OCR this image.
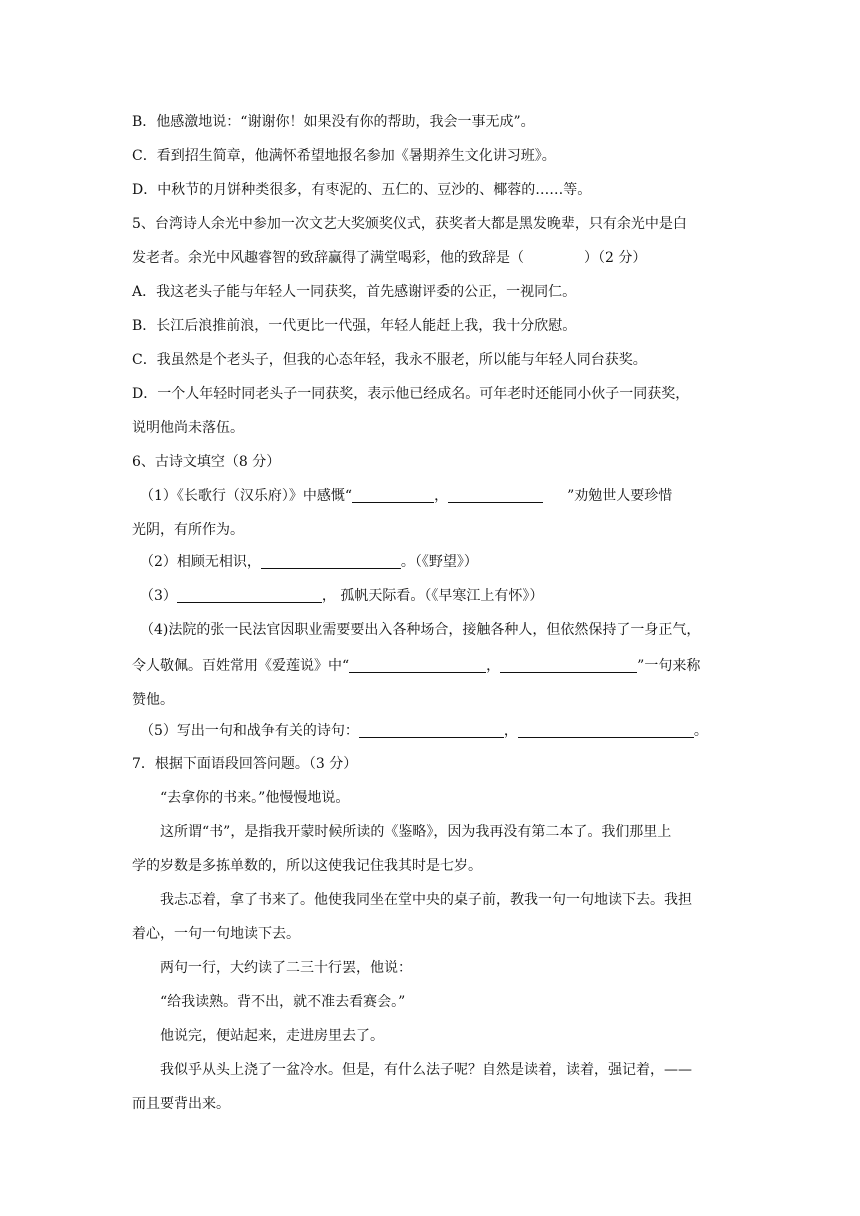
B．他感激地说：“谢谢你！如果没有你的帮助，我会一事无成”。
C．看到招生简章，他满怀希望地报名参加《暑期养生文化讲习班》。
D．中秋节的月饼种类很多，有枣泥的、五仁的、豆沙的、椰蓉的……等。
5、台湾诗人余光中参加一次文艺大奖颁奖仪式，获奖者大都是黑发晚辈，只有余光中是白
发老者。余光中风趣睿智的致辞赢得了满堂喝彩，他的致辞是（	）（2 分）
A．我这老头子能与年轻人一同获奖，首先感谢评委的公正，一视同仁。
B．长江后浪推前浪，一代更比一代强，年轻人能赶上我，我十分欣慰。
C．我虽然是个老头子，但我的心态年轻，我永不服老，所以能与年轻人同台获奖。
D．一个人年轻时同老头子一同获奖，表示他已经成名。可年老时还能同小伙子一同获奖，
说明他尚未落伍。
6、古诗文填空（8 分）
（1）《长歌行（汉乐府）》中感慨“	，	”劝勉世人要珍惜
光阴，有所作为。
（2）相顾无相识，	。（《野望》）
（3）	， 孤帆天际看。（《早寒江上有怀》）
（4)法院的张一民法官因职业需要要出入各种场合，接触各种人，但依然保持了一身正气，
令人敬佩。百姓常用《爱莲说》中“	，	”一句来称
赞他。
（5）写出一句和战争有关的诗句：	，	。
7．根据下面语段回答问题。（3 分）
“去拿你的书来。”他慢慢地说。
这所谓“书”，是指我开蒙时候所读的《鉴略》，因为我再没有第二本了。我们那里上
学的岁数是多拣单数的，所以这使我记住我其时是七岁。
我忐忑着，拿了书来了。他使我同坐在堂中央的桌子前，教我一句一句地读下去。我担
着心，一句一句地读下去。
两句一行，大约读了二三十行罢，他说：
“给我读熟。背不出，就不准去看赛会。”
他说完，便站起来，走进房里去了。
我似乎从头上浇了一盆冷水。但是，有什么法子呢？自然是读着，读着，强记着，——
而且要背出来。
